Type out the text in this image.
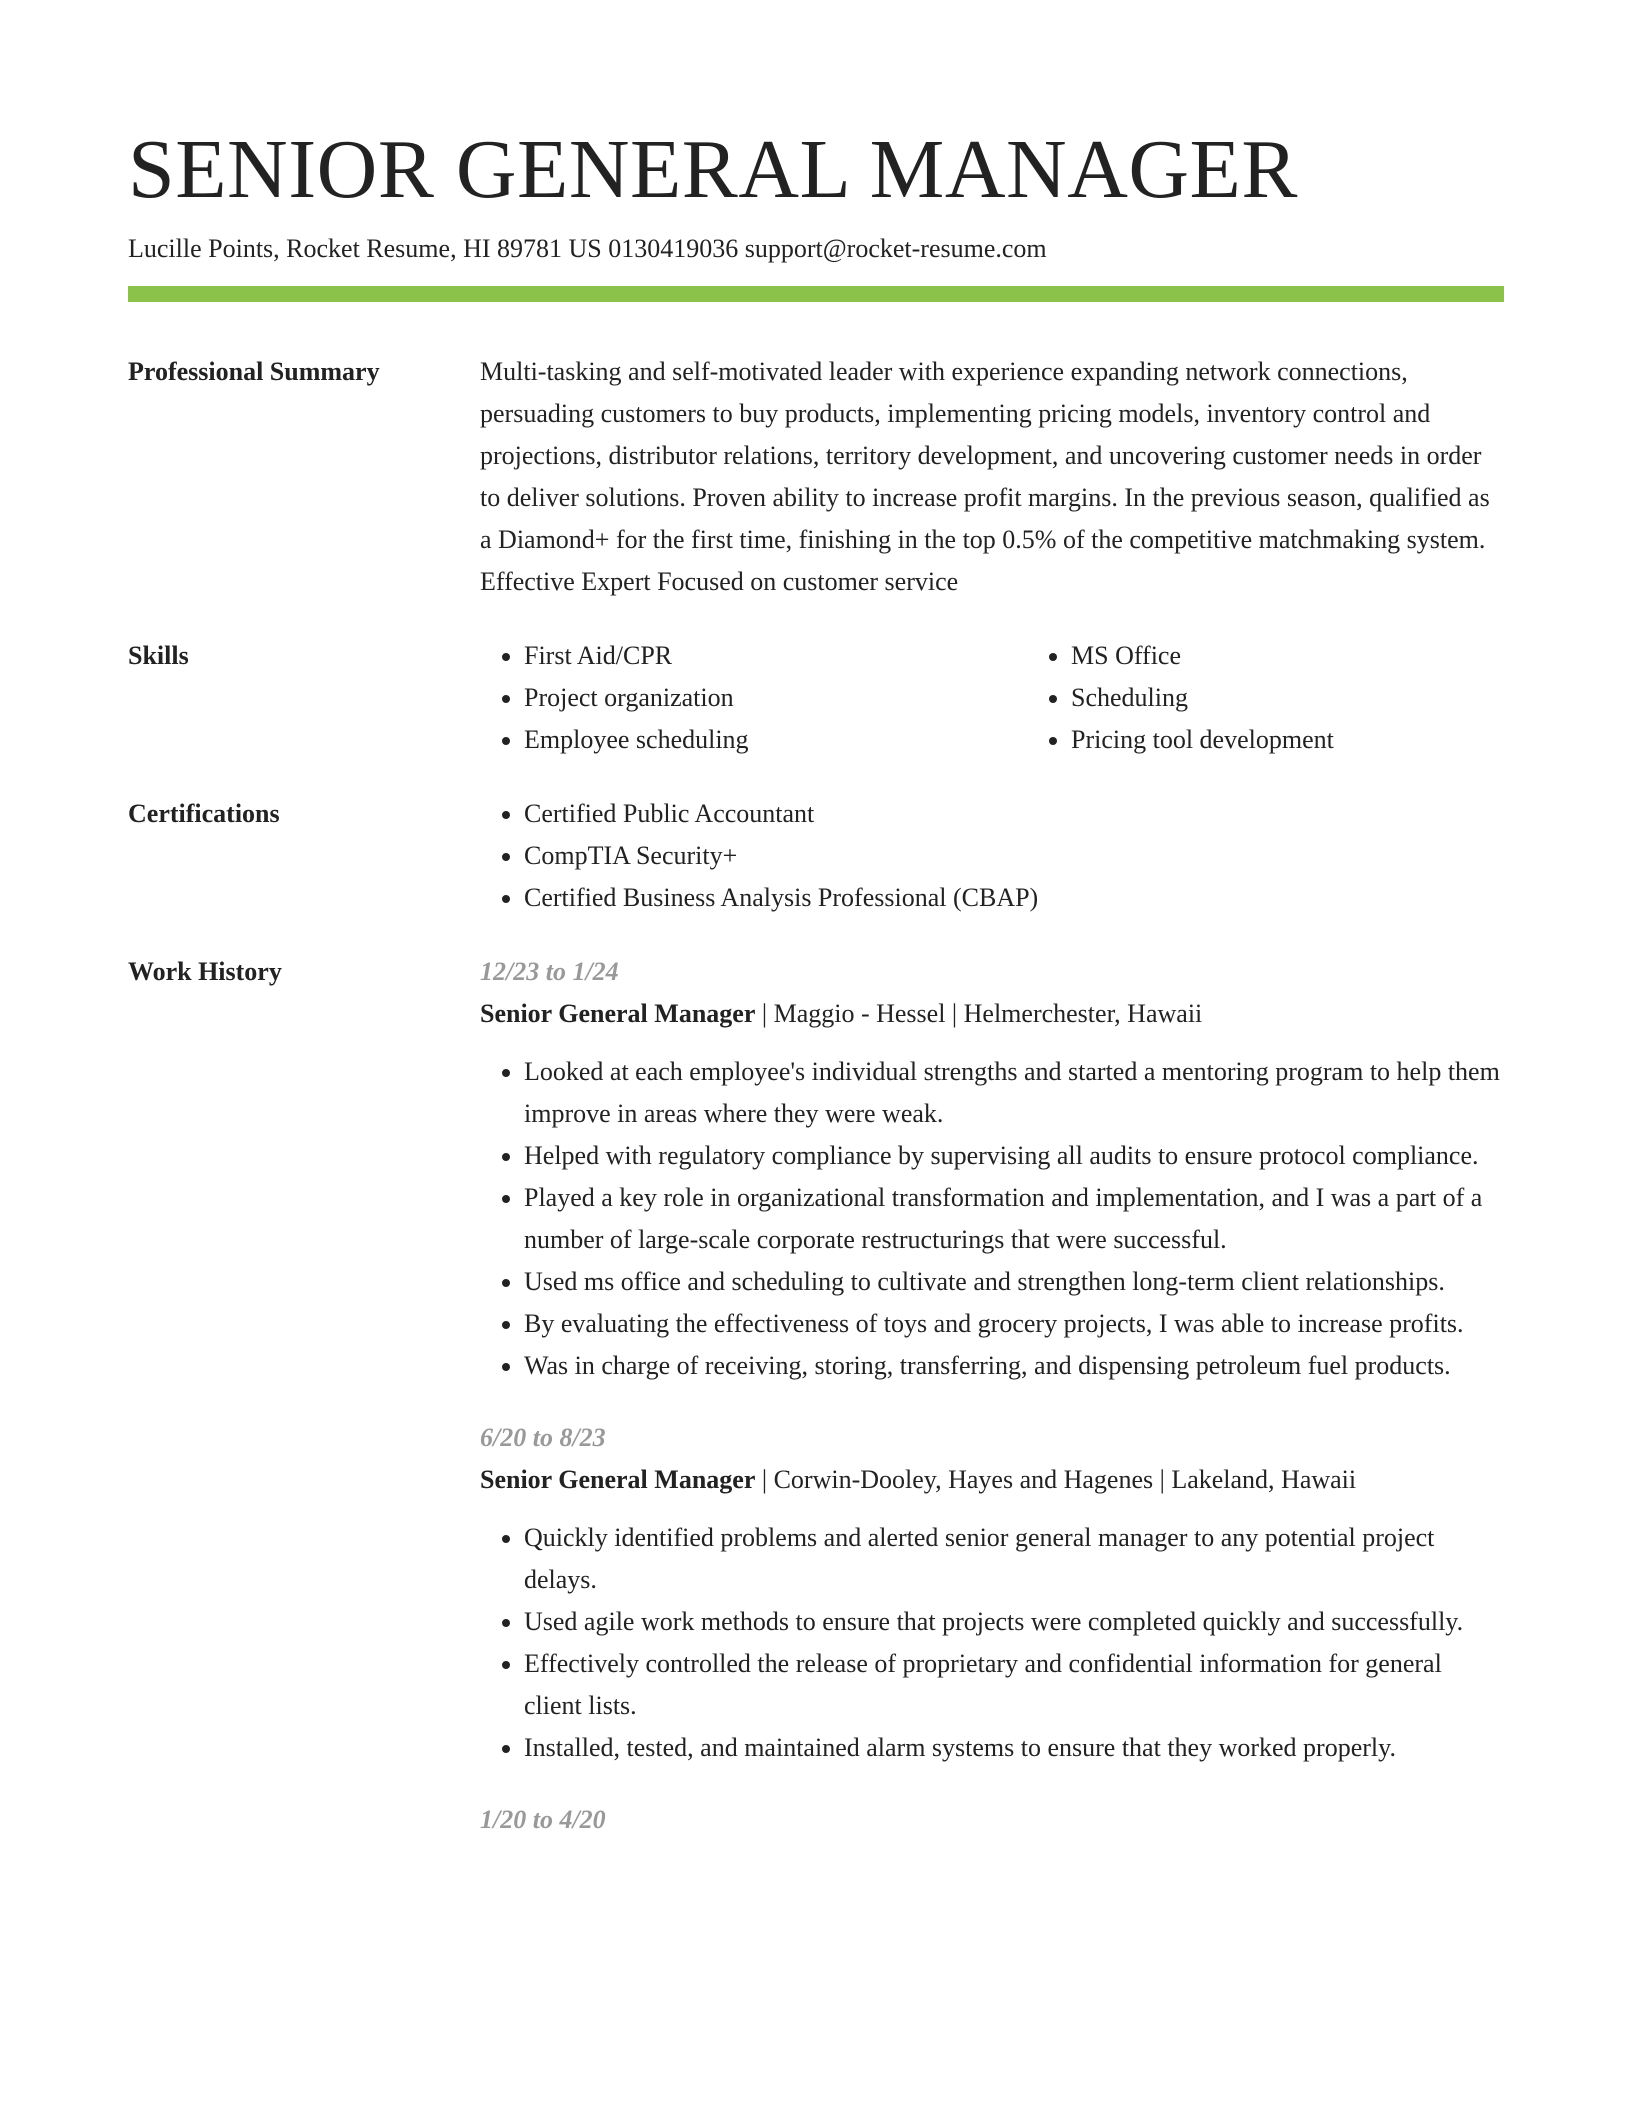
SENIOR GENERAL MANAGER
Lucille Points, Rocket Resume, HI 89781 US 0130419036 support@rocket-resume.com
Professional Summary	Multi-tasking and self-motivated leader with experience expanding network connections, persuading customers to buy products, implementing pricing models, inventory control and projections, distributor relations, territory development, and uncovering customer needs in order to deliver solutions. Proven ability to increase profit margins. In the previous season, qualified as a Diamond+ for the first time, finishing in the top 0.5% of the competitive matchmaking system. Effective Expert Focused on customer service

Skills	• First Aid/CPR
• Project organization
• Employee scheduling
• MS Office
• Scheduling
• Pricing tool development
Certifications	• Certified Public Accountant
• CompTIA Security+
• Certified Business Analysis Professional (CBAP)
Work History	12/23 to 1/24
Senior General Manager | Maggio - Hessel | Helmerchester, Hawaii
• Looked at each employee's individual strengths and started a mentoring program to help them improve in areas where they were weak.
• Helped with regulatory compliance by supervising all audits to ensure protocol compliance.
• Played a key role in organizational transformation and implementation, and I was a part of a number of large-scale corporate restructurings that were successful.
• Used ms office and scheduling to cultivate and strengthen long-term client relationships.
• By evaluating the effectiveness of toys and grocery projects, I was able to increase profits.
• Was in charge of receiving, storing, transferring, and dispensing petroleum fuel products.
6/20 to 8/23
Senior General Manager | Corwin-Dooley, Hayes and Hagenes | Lakeland, Hawaii
• Quickly identified problems and alerted senior general manager to any potential project delays.
• Used agile work methods to ensure that projects were completed quickly and successfully.
• Effectively controlled the release of proprietary and confidential information for general client lists.
• Installed, tested, and maintained alarm systems to ensure that they worked properly.
1/20 to 4/20
